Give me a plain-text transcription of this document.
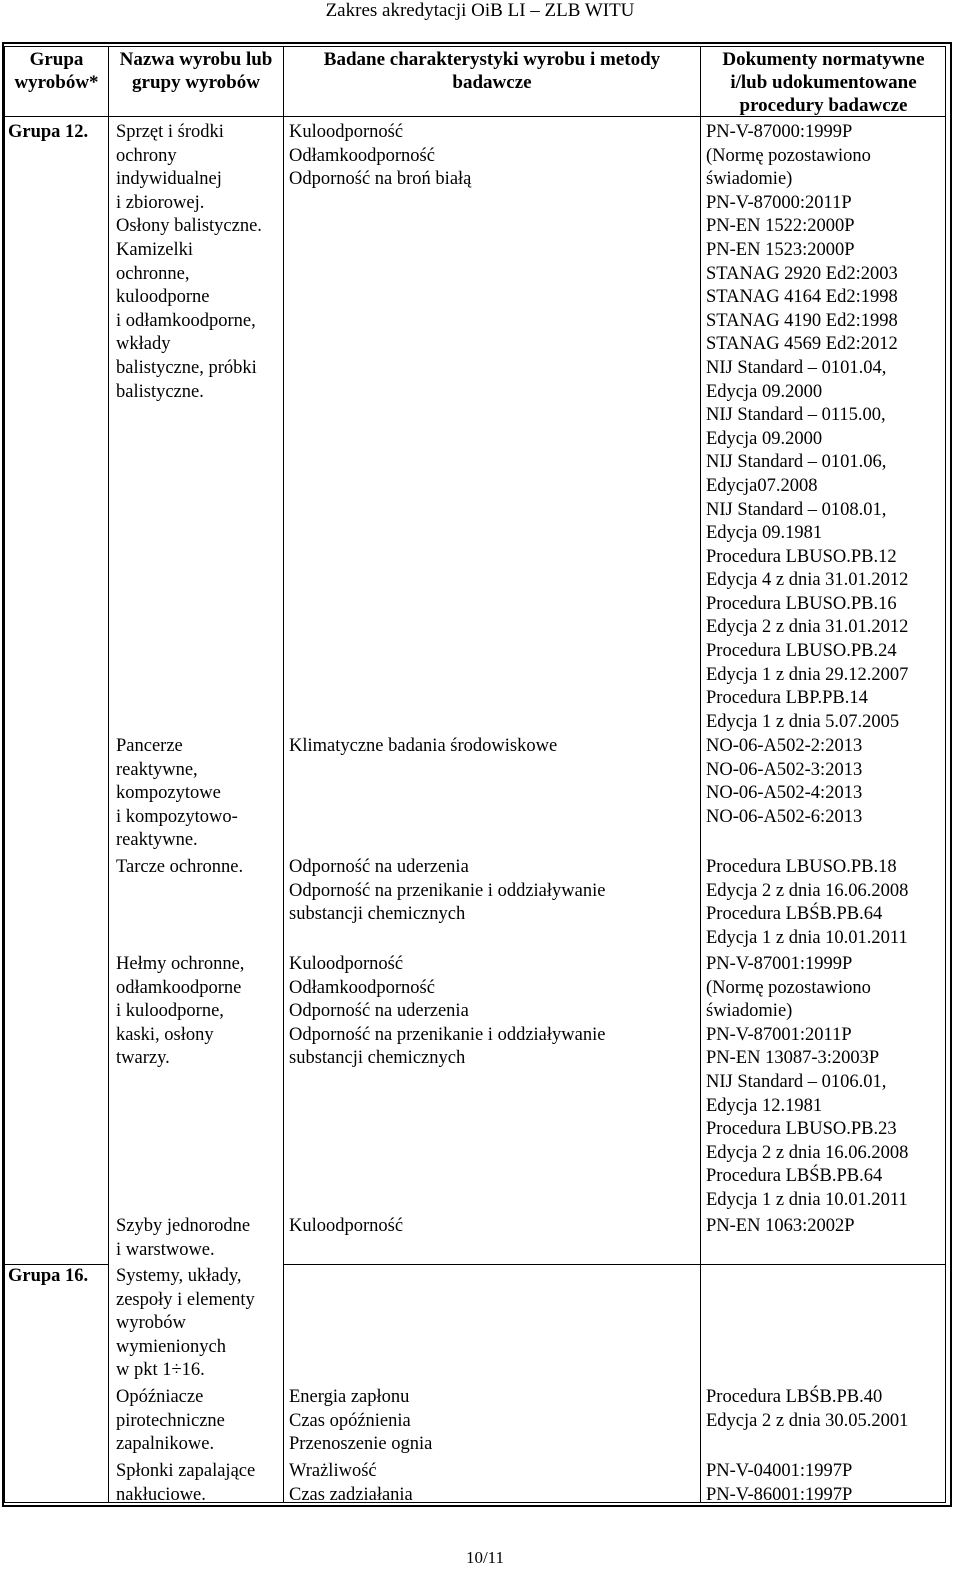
Zakres akredytacji OiB LI – ZLB WITU
Grupa
wyrobów*
Nazwa wyrobu lub
grupy wyrobów
Badane charakterystyki wyrobu i metody
badawcze
Dokumenty normatywne
i/lub udokumentowane
procedury badawcze
Grupa 12.
Grupa 16.
Sprzęt i środki
ochrony
indywidualnej
i zbiorowej.
Osłony balistyczne.
Kamizelki
ochronne,
kuloodporne
i odłamkoodporne,
wkłady
balistyczne, próbki
balistyczne.
Kuloodporność
Odłamkoodporność
Odporność na broń białą
PN-V-87000:1999P
(Normę pozostawiono
świadomie)
PN-V-87000:2011P
PN-EN 1522:2000P
PN-EN 1523:2000P
STANAG 2920 Ed2:2003
STANAG 4164 Ed2:1998
STANAG 4190 Ed2:1998
STANAG 4569 Ed2:2012
NIJ Standard – 0101.04,
Edycja 09.2000
NIJ Standard – 0115.00,
Edycja 09.2000
NIJ Standard – 0101.06,
Edycja07.2008
NIJ Standard – 0108.01,
Edycja 09.1981
Procedura LBUSO.PB.12
Edycja 4 z dnia 31.01.2012
Procedura LBUSO.PB.16
Edycja 2 z dnia 31.01.2012
Procedura LBUSO.PB.24
Edycja 1 z dnia 29.12.2007
Procedura LBP.PB.14
Edycja 1 z dnia 5.07.2005
Pancerze
reaktywne,
kompozytowe
i kompozytowo-
reaktywne.
Klimatyczne badania środowiskowe	NO-06-A502-2:2013
NO-06-A502-3:2013
NO-06-A502-4:2013
NO-06-A502-6:2013
Tarcze ochronne. Odporność na uderzenia
Odporność na przenikanie i oddziaływanie
substancji chemicznych
Procedura LBUSO.PB.18
Edycja 2 z dnia 16.06.2008
Procedura LBŚB.PB.64
Edycja 1 z dnia 10.01.2011
Hełmy ochronne,
odłamkoodporne
i kuloodporne,
kaski, osłony
twarzy.
Kuloodporność
Odłamkoodporność
Odporność na uderzenia
Odporność na przenikanie i oddziaływanie
substancji chemicznych
PN-V-87001:1999P
(Normę pozostawiono
świadomie)
PN-V-87001:2011P
PN-EN 13087-3:2003P
NIJ Standard – 0106.01,
Edycja 12.1981
Procedura LBUSO.PB.23
Edycja 2 z dnia 16.06.2008
Procedura LBŚB.PB.64
Edycja 1 z dnia 10.01.2011
Szyby jednorodne
i warstwowe.
Kuloodporność	PN-EN 1063:2002P
Systemy, układy,
zespoły i elementy
wyrobów
wymienionych
w pkt 1÷16.
Opóźniacze
pirotechniczne
zapalnikowe.
Energia zapłonu
Czas opóźnienia
Przenoszenie ognia
Procedura LBŚB.PB.40
Edycja 2 z dnia 30.05.2001
Spłonki zapalające
nakłuciowe.
Wrażliwość
Czas zadziałania
PN-V-04001:1997P
PN-V-86001:1997P
10/11
